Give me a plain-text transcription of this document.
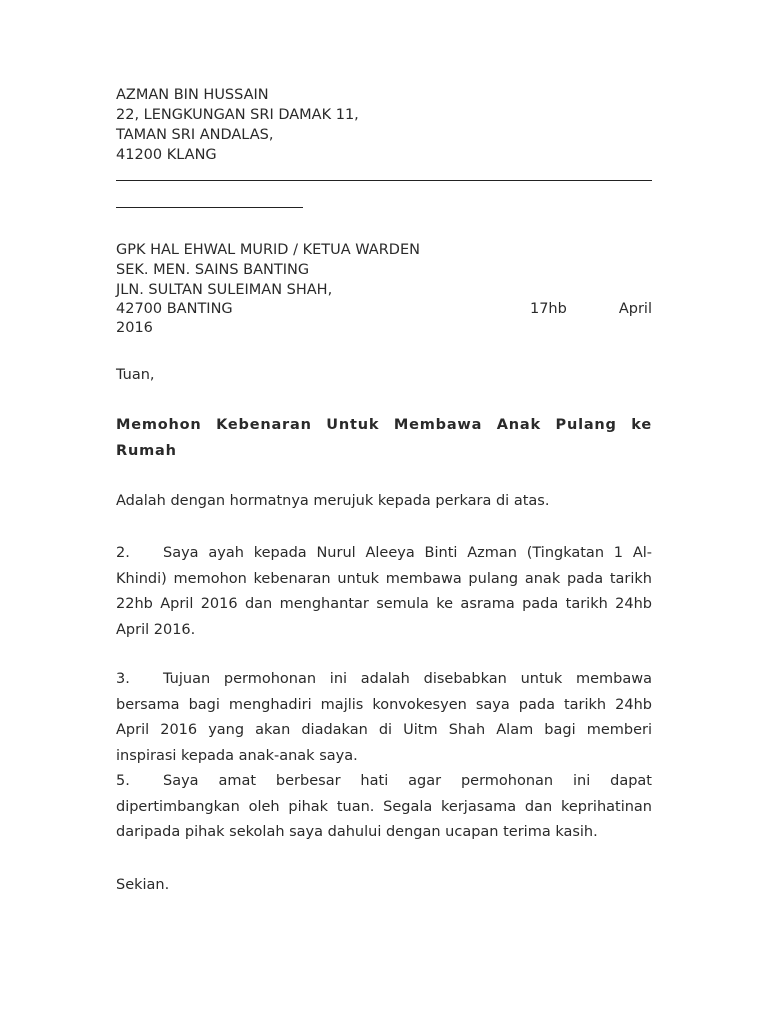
AZMAN BIN HUSSAIN
22, LENGKUNGAN SRI DAMAK 11,
TAMAN SRI ANDALAS,
41200 KLANG
GPK HAL EHWAL MURID / KETUA WARDEN
SEK. MEN. SAINS BANTING
JLN. SULTAN SULEIMAN SHAH,
42700 BANTING	17hb	April
2016
Tuan,
Memohon Kebenaran Untuk Membawa Anak Pulang ke Rumah
Adalah dengan hormatnya merujuk kepada perkara di atas.
2. Saya ayah kepada Nurul Aleeya Binti Azman (Tingkatan 1 Al-Khindi) memohon kebenaran untuk membawa pulang anak pada tarikh 22hb April 2016 dan menghantar semula ke asrama pada tarikh 24hb April 2016.
3. Tujuan permohonan ini adalah disebabkan untuk membawa bersama bagi menghadiri majlis konvokesyen saya pada tarikh 24hb April 2016 yang akan diadakan di Uitm Shah Alam bagi memberi inspirasi kepada anak-anak saya.
5. Saya amat berbesar hati agar permohonan ini dapat dipertimbangkan oleh pihak tuan. Segala kerjasama dan keprihatinan daripada pihak sekolah saya dahului dengan ucapan terima kasih.
Sekian.
